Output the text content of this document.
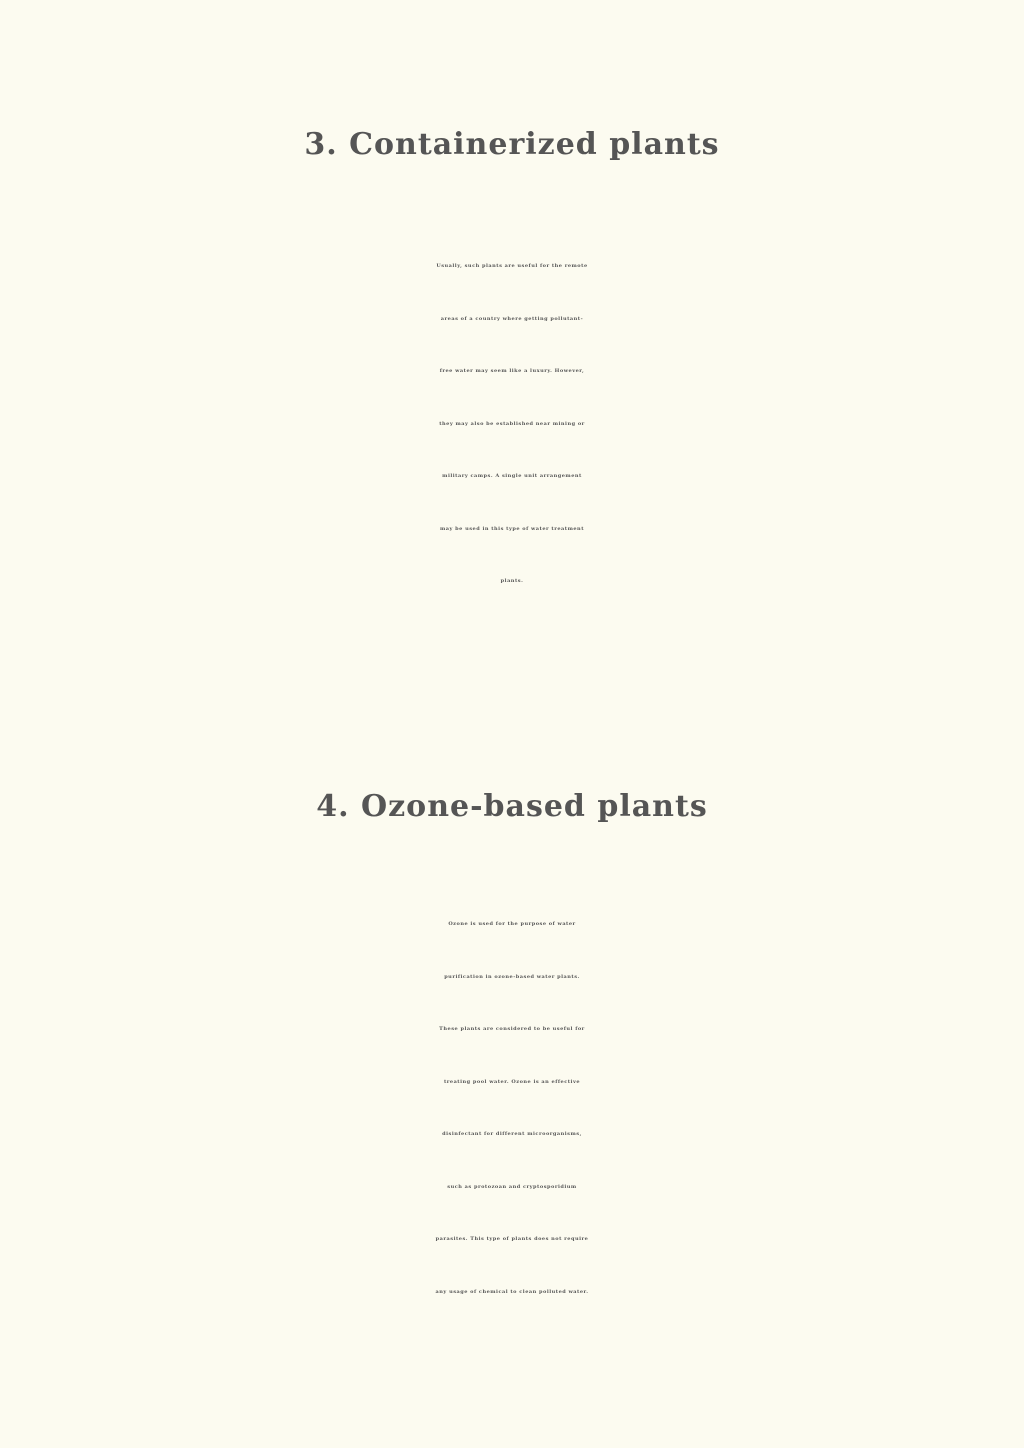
3. Containerized plants

Usually, such plants are useful for the remote
areas of a country where getting pollutant-
free water may seem like a luxury. However,
they may also be established near mining or
military camps. A single unit arrangement
may be used in this type of water treatment
plants.

4. Ozone-based plants

Ozone is used for the purpose of water
purification in ozone-based water plants.
These plants are considered to be useful for
treating pool water. Ozone is an effective
disinfectant for different microorganisms,
such as protozoan and cryptosporidium
parasites. This type of plants does not require
any usage of chemical to clean polluted water.
